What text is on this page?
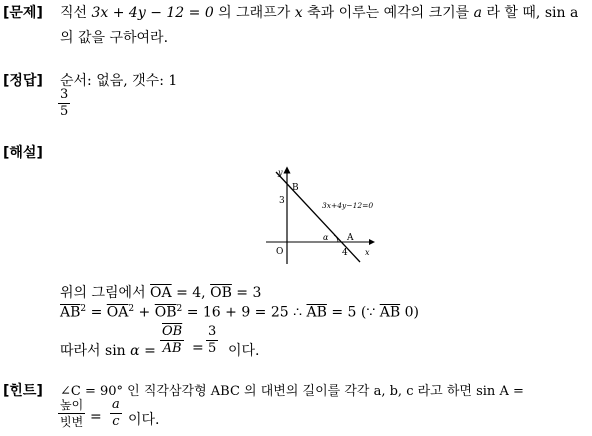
[문제] 직선 3x + 4y − 12 = 0 의 그래프가 x 축과 이루는 예각의 크기를 a 라 할 때, sin a
의 값을 구하여라.
[정답] 순서: 없음, 갯수: 1
3
5
[해설]
y
x
O
B
3
A
4
3x+4y−12=0
α
위의 그림에서 $\overline{OA} = 4$, $\overline{OB} = 3$
$\overline{AB}^2 = \overline{OA}^2 + \overline{OB}^2 = 16 + 9 = 25$ ∴ $\overline{AB} = 5$ (∵ $\overline{AB}$ 0)
따라서 $\sin \alpha = \frac{\overline{OB}}{AB}$ =
3
5 이다.
[힌트] ∠C = 90° 인 직각삼각형 ABC 의 대변의 길이를 각각 a, b, c 라고 하면 sin A =
높이
빗변 =
a
c 이다.
